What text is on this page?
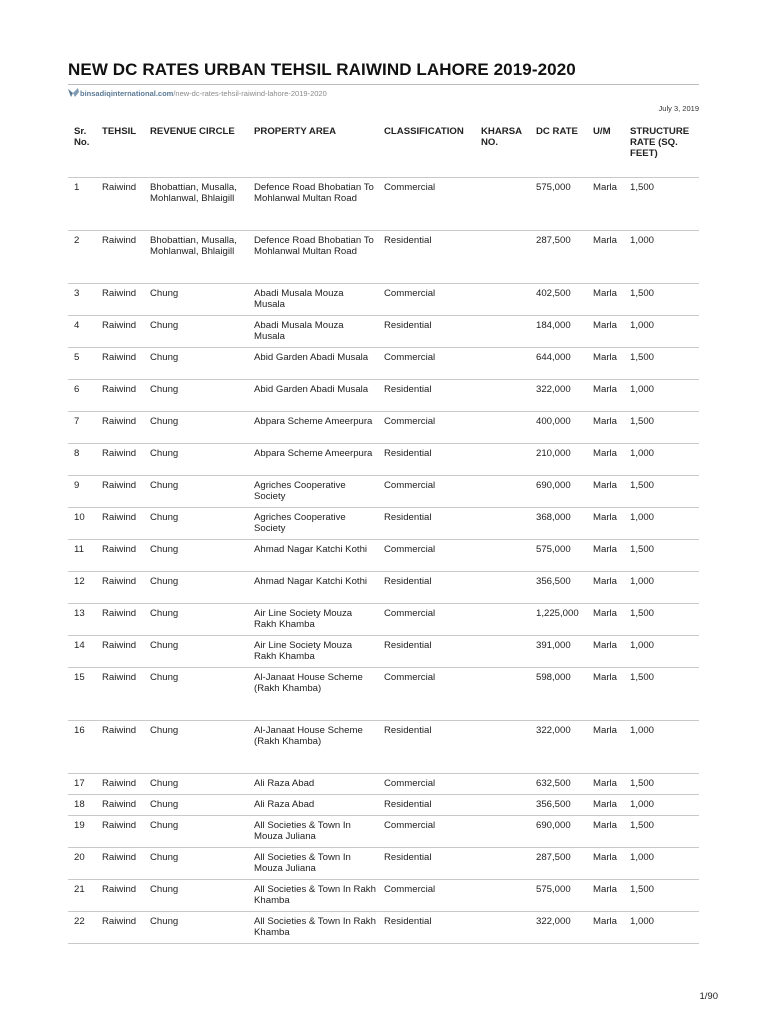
NEW DC RATES URBAN TEHSIL RAIWIND LAHORE 2019-2020
binsadiqinternational.com /new-dc-rates-tehsil-raiwind-lahore-2019-2020
July 3, 2019
Sr. No.	TEHSIL	REVENUE CIRCLE	PROPERTY AREA	CLASSIFICATION	KHARSA NO.	DC RATE	U/M	STRUCTURE RATE (SQ. FEET)
1	Raiwind	Bhobattian, Musalla, Mohlanwal, Bhlaigill	Defence Road Bhobatian To Mohlanwal Multan Road	Commercial		575,000	Marla	1,500
2	Raiwind	Bhobattian, Musalla, Mohlanwal, Bhlaigill	Defence Road Bhobatian To Mohlanwal Multan Road	Residential		287,500	Marla	1,000
3	Raiwind	Chung	Abadi Musala Mouza Musala	Commercial		402,500	Marla	1,500
4	Raiwind	Chung	Abadi Musala Mouza Musala	Residential		184,000	Marla	1,000
5	Raiwind	Chung	Abid Garden Abadi Musala	Commercial		644,000	Marla	1,500
6	Raiwind	Chung	Abid Garden Abadi Musala	Residential		322,000	Marla	1,000
7	Raiwind	Chung	Abpara Scheme Ameerpura	Commercial		400,000	Marla	1,500
8	Raiwind	Chung	Abpara Scheme Ameerpura	Residential		210,000	Marla	1,000
9	Raiwind	Chung	Agriches Cooperative Society	Commercial		690,000	Marla	1,500
10	Raiwind	Chung	Agriches Cooperative Society	Residential		368,000	Marla	1,000
11	Raiwind	Chung	Ahmad Nagar Katchi Kothi	Commercial		575,000	Marla	1,500
12	Raiwind	Chung	Ahmad Nagar Katchi Kothi	Residential		356,500	Marla	1,000
13	Raiwind	Chung	Air Line Society Mouza Rakh Khamba	Commercial		1,225,000	Marla	1,500
14	Raiwind	Chung	Air Line Society Mouza Rakh Khamba	Residential		391,000	Marla	1,000
15	Raiwind	Chung	Al-Janaat House Scheme (Rakh Khamba)	Commercial		598,000	Marla	1,500
16	Raiwind	Chung	Al-Janaat House Scheme (Rakh Khamba)	Residential		322,000	Marla	1,000
17	Raiwind	Chung	Ali Raza Abad	Commercial		632,500	Marla	1,500
18	Raiwind	Chung	Ali Raza Abad	Residential		356,500	Marla	1,000
19	Raiwind	Chung	All Societies & Town In Mouza Juliana	Commercial		690,000	Marla	1,500
20	Raiwind	Chung	All Societies & Town In Mouza Juliana	Residential		287,500	Marla	1,000
21	Raiwind	Chung	All Societies & Town In Rakh Khamba	Commercial		575,000	Marla	1,500
22	Raiwind	Chung	All Societies & Town In Rakh Khamba	Residential		322,000	Marla	1,000
1/90
